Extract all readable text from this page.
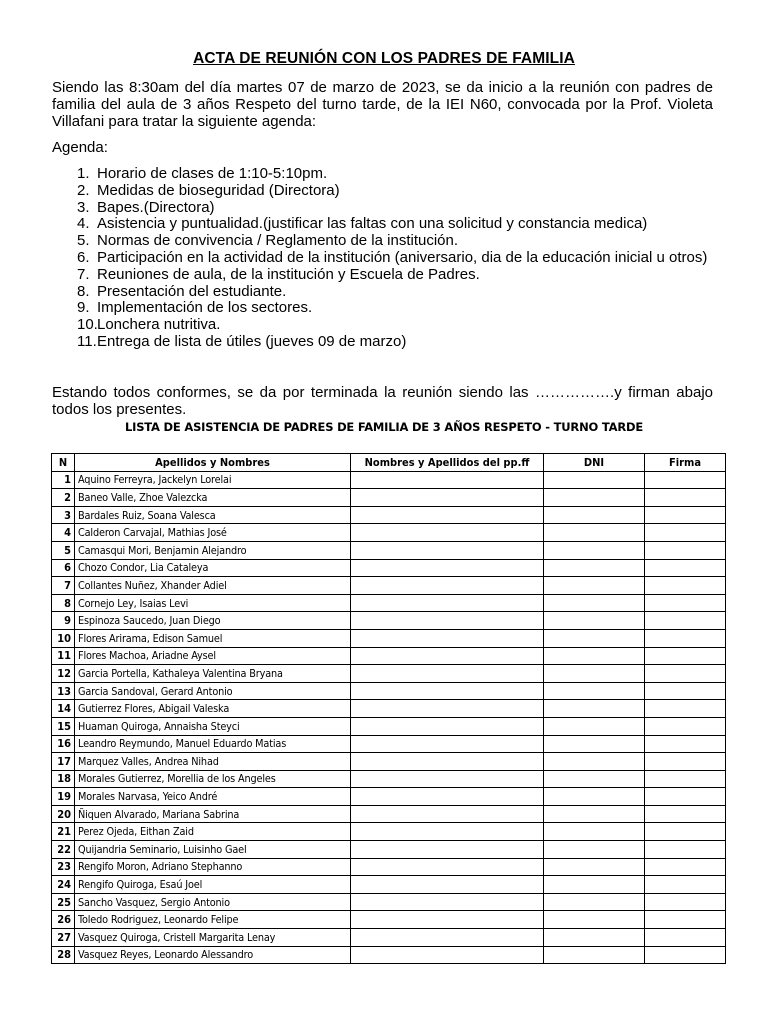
ACTA DE REUNIÓN CON LOS PADRES DE FAMILIA
Siendo las 8:30am del día martes 07 de marzo de 2023, se da inicio a la reunión con padres de familia del aula de 3 años Respeto del turno tarde, de la IEI N60, convocada por la Prof. Violeta Villafani para tratar la siguiente agenda:
Agenda:
1. Horario de clases de 1:10-5:10pm.
2. Medidas de bioseguridad (Directora)
3. Bapes.(Directora)
4. Asistencia y puntualidad.(justificar las faltas con una solicitud y constancia medica)
5. Normas de convivencia / Reglamento de la institución.
6. Participación en la actividad de la institución (aniversario, dia de la educación inicial u otros)
7. Reuniones de aula, de la institución y Escuela de Padres.
8. Presentación del estudiante.
9. Implementación de los sectores.
10. Lonchera nutritiva.
11. Entrega de lista de útiles (jueves 09 de marzo)
Estando todos conformes, se da por terminada la reunión siendo las …………….y firman abajo todos los presentes.
LISTA DE ASISTENCIA DE PADRES DE FAMILIA DE 3 AÑOS RESPETO - TURNO TARDE
N	Apellidos y Nombres	Nombres y Apellidos del pp.ff	DNI	Firma
1	Aquino Ferreyra, Jackelyn Lorelai			
2	Baneo Valle, Zhoe Valezcka			
3	Bardales Ruiz, Soana Valesca			
4	Calderon Carvajal, Mathias José			
5	Camasqui Mori, Benjamin Alejandro			
6	Chozo Condor, Lia Cataleya			
7	Collantes Nuñez, Xhander Adiel			
8	Cornejo Ley, Isaias Levi			
9	Espinoza Saucedo, Juan Diego			
10	Flores Arirama, Edison Samuel			
11	Flores Machoa, Ariadne Aysel			
12	Garcia Portella, Kathaleya Valentina Bryana			
13	Garcia Sandoval, Gerard Antonio			
14	Gutierrez Flores, Abigail Valeska			
15	Huaman Quiroga, Annaisha Steyci			
16	Leandro Reymundo, Manuel Eduardo Matias			
17	Marquez Valles, Andrea Nihad			
18	Morales Gutierrez, Morellia de los Angeles			
19	Morales Narvasa, Yeico André			
20	Ñiquen Alvarado, Mariana Sabrina			
21	Perez Ojeda, Eithan Zaid			
22	Quijandria Seminario, Luisinho Gael			
23	Rengifo Moron, Adriano Stephanno			
24	Rengifo Quiroga, Esaú Joel			
25	Sancho Vasquez, Sergio Antonio			
26	Toledo Rodriguez, Leonardo Felipe			
27	Vasquez Quiroga, Cristell Margarita Lenay			
28	Vasquez Reyes, Leonardo Alessandro			
